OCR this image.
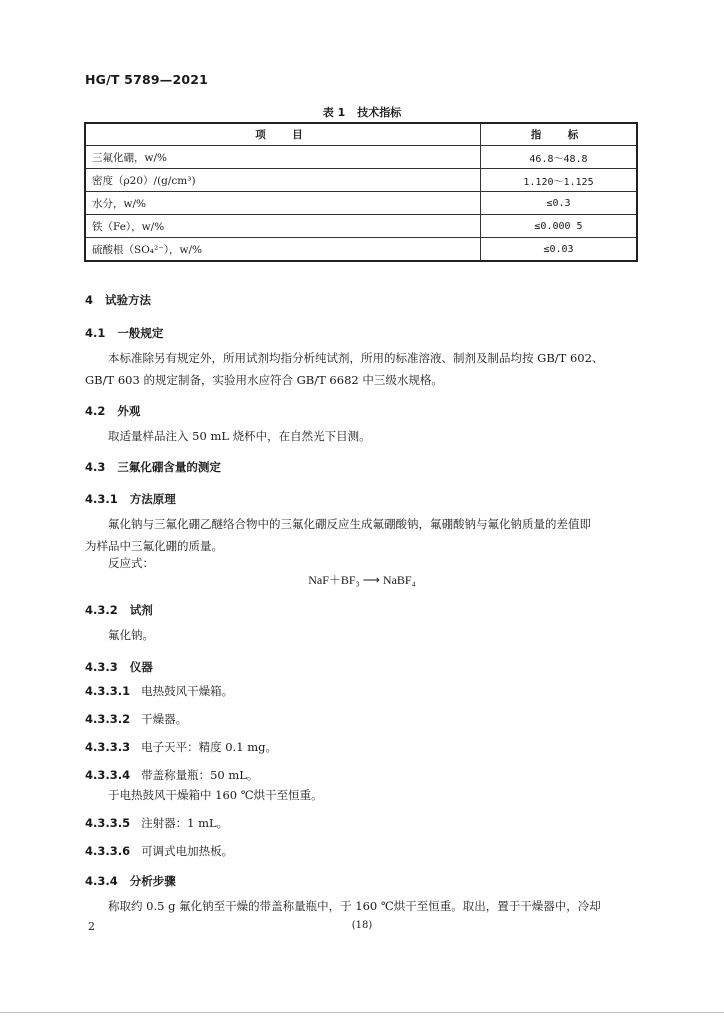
HG/T 5789—2021
表 1 技术指标
项　目	指　标
三氟化硼，w/%	46.8～48.8
密度（ρ20）/(g/cm³)	1.120～1.125
水分，w/%	≤0.3
铁（Fe），w/%	≤0.000 5
硫酸根（SO₄²⁻），w/%	≤0.03
4 试验方法
4.1 一般规定
本标准除另有规定外，所用试剂均指分析纯试剂，所用的标准溶液、制剂及制品均按 GB/T 602、
GB/T 603 的规定制备，实验用水应符合 GB/T 6682 中三级水规格。
4.2 外观
取适量样品注入 50 mL 烧杯中，在自然光下目测。
4.3 三氟化硼含量的测定
4.3.1 方法原理
氟化钠与三氟化硼乙醚络合物中的三氟化硼反应生成氟硼酸钠，氟硼酸钠与氟化钠质量的差值即
为样品中三氟化硼的质量。
反应式：
NaF＋BF₃ ⟶ NaBF₄
4.3.2 试剂
氟化钠。
4.3.3 仪器
4.3.3.1 电热鼓风干燥箱。
4.3.3.2 干燥器。
4.3.3.3 电子天平：精度 0.1 mg。
4.3.3.4 带盖称量瓶：50 mL。
于电热鼓风干燥箱中 160 ℃烘干至恒重。
4.3.3.5 注射器：1 mL。
4.3.3.6 可调式电加热板。
4.3.4 分析步骤
称取约 0.5 g 氟化钠至干燥的带盖称量瓶中，于 160 ℃烘干至恒重。取出，置于干燥器中，冷却
2	(18)
